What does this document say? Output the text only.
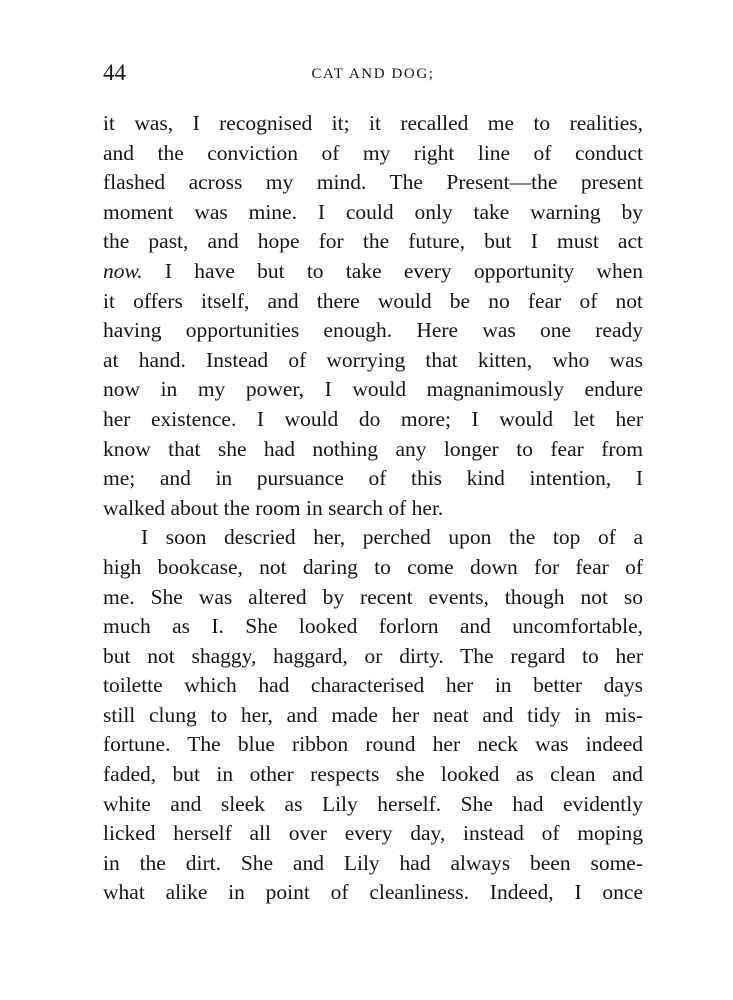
44	CAT AND DOG;
it was, I recognised it; it recalled me to realities,
and the conviction of my right line of conduct
flashed across my mind. The Present—the present
moment was mine. I could only take warning by
the past, and hope for the future, but I must act
now. I have but to take every opportunity when
it offers itself, and there would be no fear of not
having opportunities enough. Here was one ready
at hand. Instead of worrying that kitten, who was
now in my power, I would magnanimously endure
her existence. I would do more; I would let her
know that she had nothing any longer to fear from
me; and in pursuance of this kind intention, I
walked about the room in search of her.
I soon descried her, perched upon the top of a
high bookcase, not daring to come down for fear of
me. She was altered by recent events, though not so
much as I. She looked forlorn and uncomfortable,
but not shaggy, haggard, or dirty. The regard to her
toilette which had characterised her in better days
still clung to her, and made her neat and tidy in mis-
fortune. The blue ribbon round her neck was indeed
faded, but in other respects she looked as clean and
white and sleek as Lily herself. She had evidently
licked herself all over every day, instead of moping
in the dirt. She and Lily had always been some-
what alike in point of cleanliness. Indeed, I once
